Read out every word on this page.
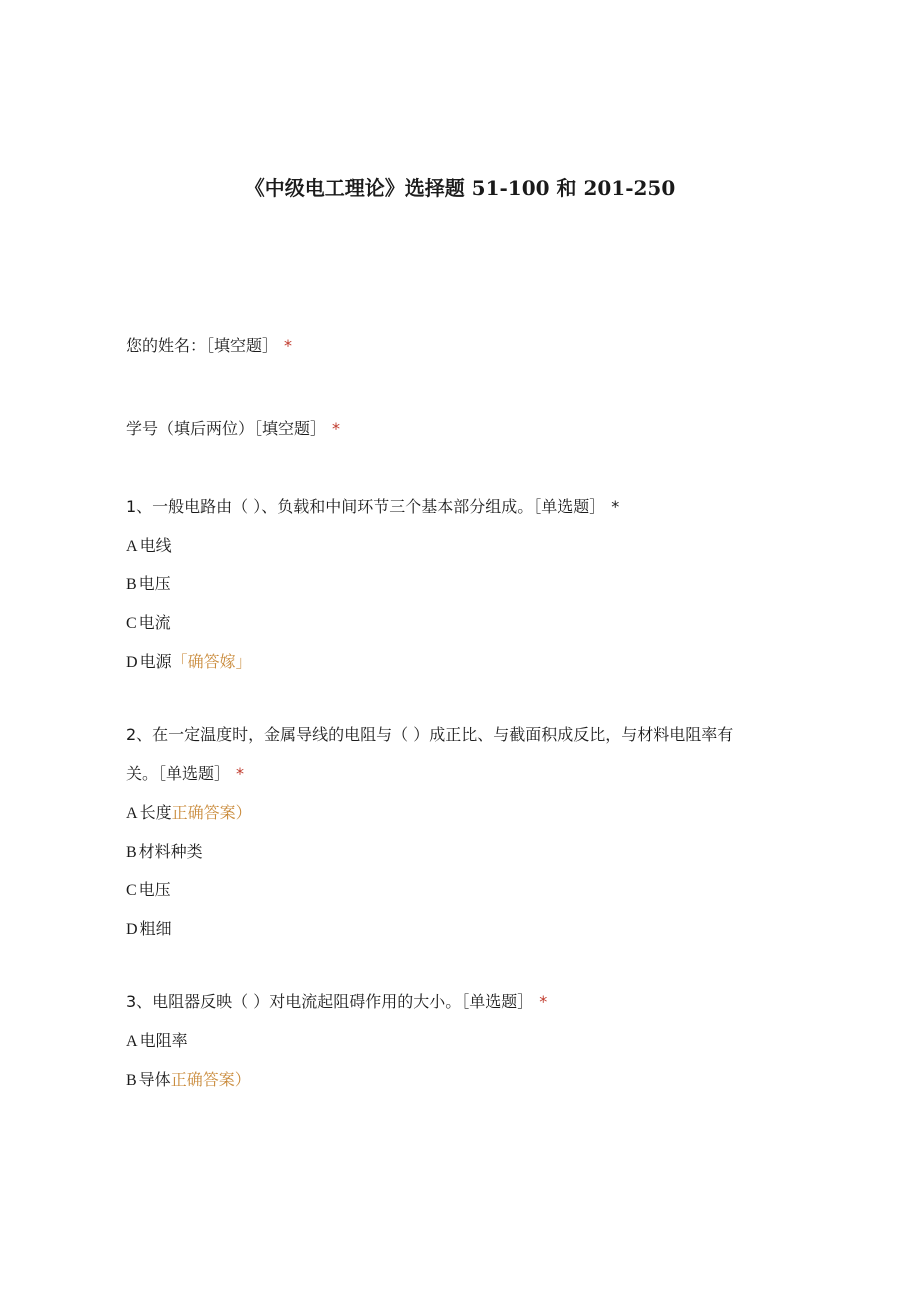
《中级电工理论》选择题 51-100 和 201-250
您的姓名：［填空题］ *
学号（填后两位）［填空题］ *
1、一般电路由（ ）、负载和中间环节三个基本部分组成。［单选题］ *
A 电线
B 电压
C 电流
D 电源「确答嫁」
2、在一定温度时，金属导线的电阻与（ ）成正比、与截面积成反比，与材料电阻率有
关。［单选题］ *
A 长度正确答案）
B 材料种类
C 电压
D 粗细
3、电阻器反映（ ）对电流起阻碍作用的大小。［单选题］ *
A 电阻率
B 导体正确答案）
